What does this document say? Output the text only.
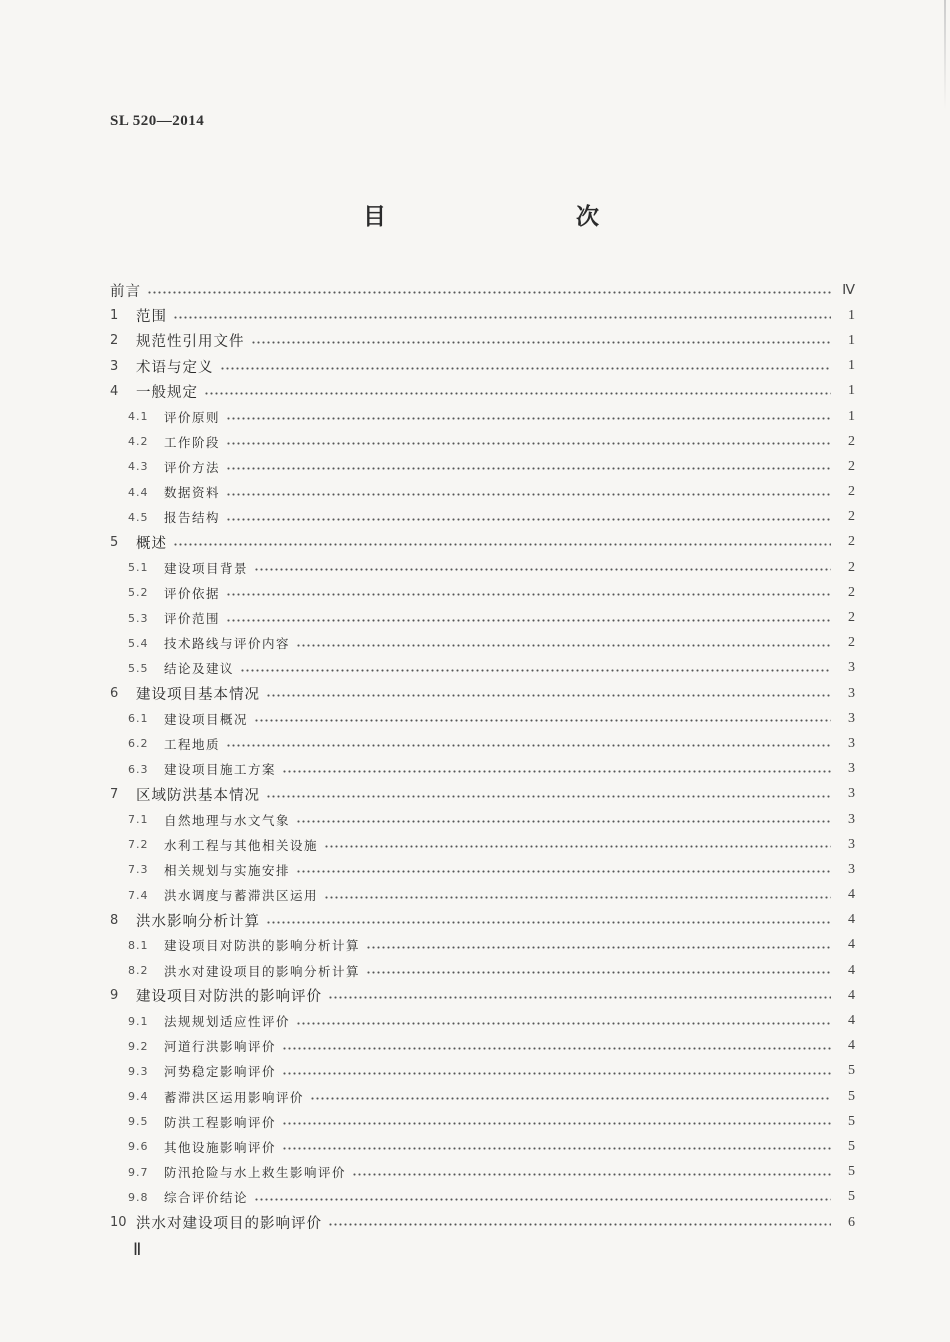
SL 520—2014
目　　次
前言	Ⅳ
1	范围	1
2	规范性引用文件	1
3	术语与定义	1
4	一般规定	1
4.1	评价原则	1
4.2	工作阶段	2
4.3	评价方法	2
4.4	数据资料	2
4.5	报告结构	2
5	概述	2
5.1	建设项目背景	2
5.2	评价依据	2
5.3	评价范围	2
5.4	技术路线与评价内容	2
5.5	结论及建议	3
6	建设项目基本情况	3
6.1	建设项目概况	3
6.2	工程地质	3
6.3	建设项目施工方案	3
7	区域防洪基本情况	3
7.1	自然地理与水文气象	3
7.2	水利工程与其他相关设施	3
7.3	相关规划与实施安排	3
7.4	洪水调度与蓄滞洪区运用	4
8	洪水影响分析计算	4
8.1	建设项目对防洪的影响分析计算	4
8.2	洪水对建设项目的影响分析计算	4
9	建设项目对防洪的影响评价	4
9.1	法规规划适应性评价	4
9.2	河道行洪影响评价	4
9.3	河势稳定影响评价	5
9.4	蓄滞洪区运用影响评价	5
9.5	防洪工程影响评价	5
9.6	其他设施影响评价	5
9.7	防汛抢险与水上救生影响评价	5
9.8	综合评价结论	5
10 洪水对建设项目的影响评价	6
Ⅱ
